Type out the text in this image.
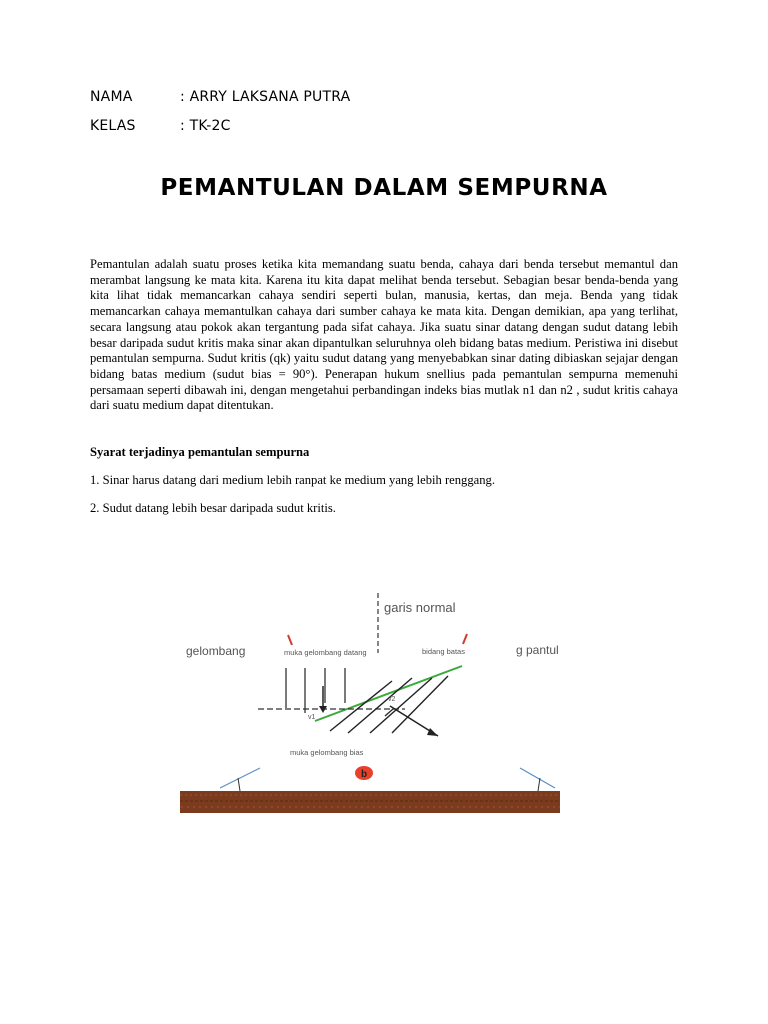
NAMA	: ARRY LAKSANA PUTRA
KELAS	: TK-2C
PEMANTULAN DALAM SEMPURNA
Pemantulan adalah suatu proses ketika kita memandang suatu benda, cahaya dari benda tersebut memantul dan merambat langsung ke mata kita. Karena itu kita dapat melihat benda tersebut. Sebagian besar benda-benda yang kita lihat tidak memancarkan cahaya sendiri seperti bulan, manusia, kertas, dan meja. Benda yang tidak memancarkan cahaya memantulkan cahaya dari sumber cahaya ke mata kita. Dengan demikian, apa yang terlihat, secara langsung atau pokok akan tergantung pada sifat cahaya. Jika suatu sinar datang dengan sudut datang lebih besar daripada sudut kritis maka sinar akan dipantulkan seluruhnya oleh bidang batas medium. Peristiwa ini disebut pemantulan sempurna. Sudut kritis (qk) yaitu sudut datang yang menyebabkan sinar dating dibiaskan sejajar dengan bidang batas medium (sudut bias = 90°). Penerapan hukum snellius pada pemantulan sempurna memenuhi persamaan seperti dibawah ini, dengan mengetahui perbandingan indeks bias mutlak n1 dan n2 , sudut kritis cahaya dari suatu medium dapat ditentukan.
Syarat terjadinya pemantulan sempurna
1. Sinar harus datang dari medium lebih ranpat ke medium yang lebih renggang.
2. Sudut datang lebih besar daripada sudut kritis.
garis normal
gelombang	muka gelombang datang	bidang batas	g pantul
v1
v2
muka gelombang bias
b
